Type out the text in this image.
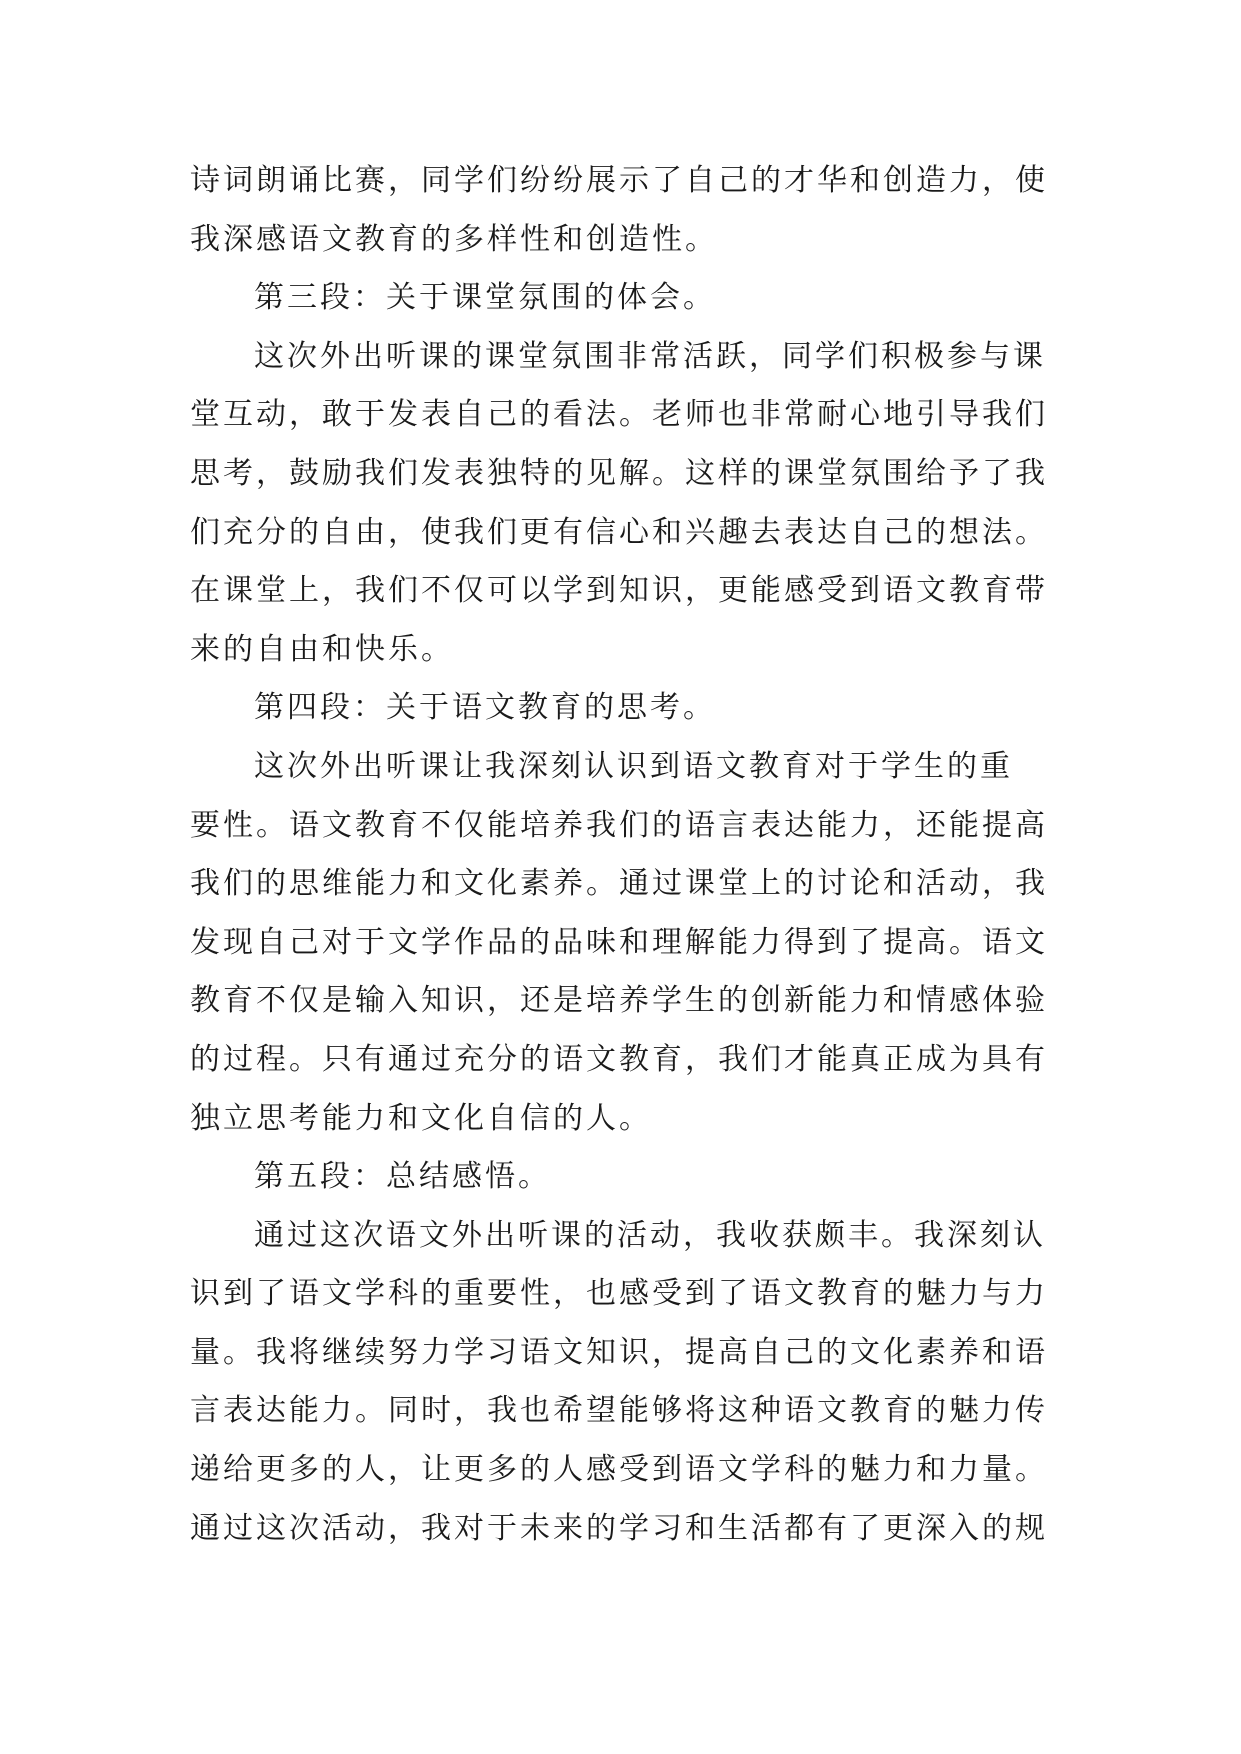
诗词朗诵比赛，同学们纷纷展示了自己的才华和创造力，使
我深感语文教育的多样性和创造性。
第三段：关于课堂氛围的体会。
这次外出听课的课堂氛围非常活跃，同学们积极参与课
堂互动，敢于发表自己的看法。老师也非常耐心地引导我们
思考，鼓励我们发表独特的见解。这样的课堂氛围给予了我
们充分的自由，使我们更有信心和兴趣去表达自己的想法。
在课堂上，我们不仅可以学到知识，更能感受到语文教育带
来的自由和快乐。
第四段：关于语文教育的思考。
这次外出听课让我深刻认识到语文教育对于学生的重
要性。语文教育不仅能培养我们的语言表达能力，还能提高
我们的思维能力和文化素养。通过课堂上的讨论和活动，我
发现自己对于文学作品的品味和理解能力得到了提高。语文
教育不仅是输入知识，还是培养学生的创新能力和情感体验
的过程。只有通过充分的语文教育，我们才能真正成为具有
独立思考能力和文化自信的人。
第五段：总结感悟。
通过这次语文外出听课的活动，我收获颇丰。我深刻认
识到了语文学科的重要性，也感受到了语文教育的魅力与力
量。我将继续努力学习语文知识，提高自己的文化素养和语
言表达能力。同时，我也希望能够将这种语文教育的魅力传
递给更多的人，让更多的人感受到语文学科的魅力和力量。
通过这次活动，我对于未来的学习和生活都有了更深入的规
